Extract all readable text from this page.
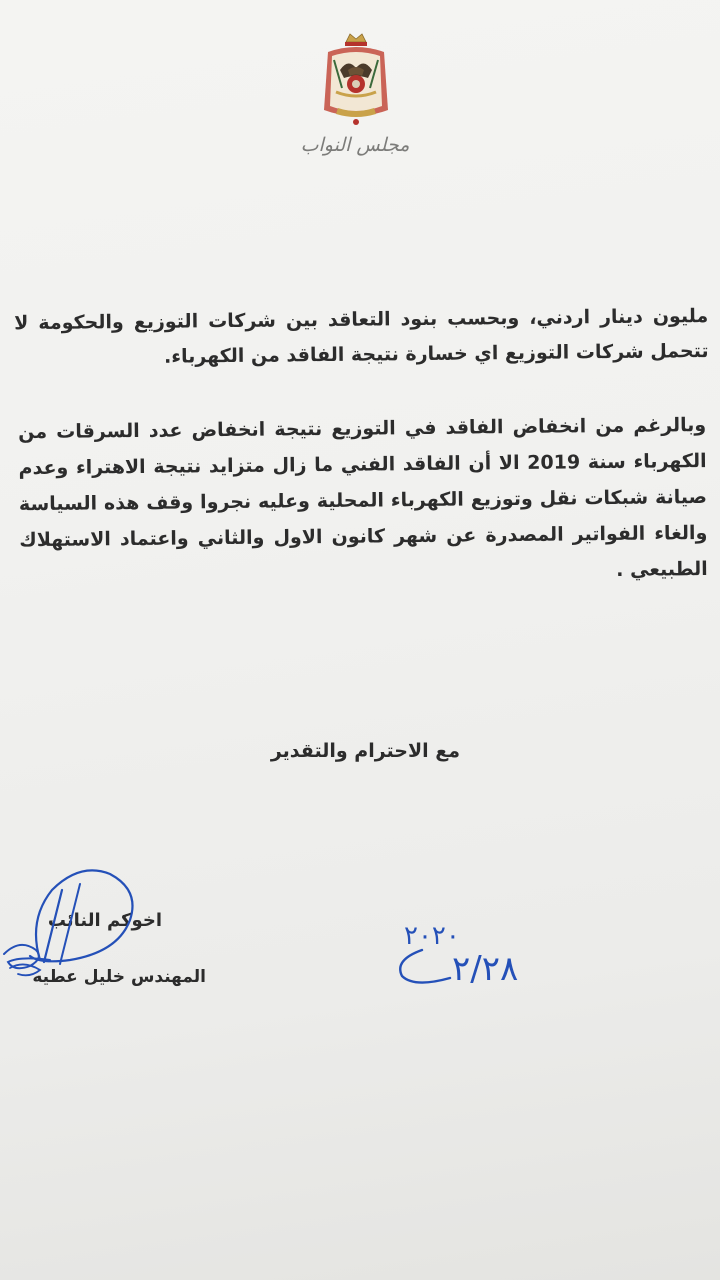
مجلس النواب

مليون دينار اردني، وبحسب بنود التعاقد بين شركات التوزيع والحكومة لا تتحمل شركات التوزيع اي خسارة نتيجة الفاقد من الكهرباء.

وبالرغم من انخفاض الفاقد في التوزيع نتيجة انخفاض عدد السرقات من الكهرباء سنة 2019 الا أن الفاقد الفني ما زال متزايد نتيجة الاهتراء وعدم صيانة شبكات نقل وتوزيع الكهرباء المحلية وعليه نجروا وقف هذه السياسة والغاء الفواتير المصدرة عن شهر كانون الاول والثاني واعتماد الاستهلاك الطبيعي .

مع الاحترام والتقدير
اخوكم النائب
المهندس خليل عطيه
٢٠٢٠
٢/٢٨
